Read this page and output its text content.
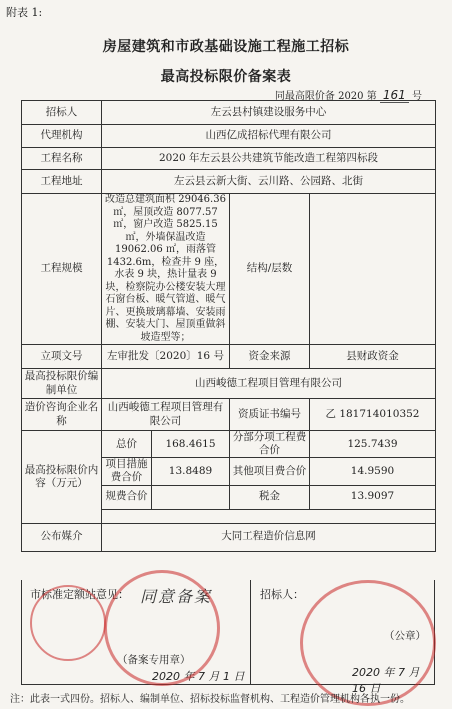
附表 1:
房屋建筑和市政基础设施工程施工招标
最高投标限价备案表
同最高限价备 2020 第 161 号
招标人	左云县村镇建设服务中心			
代理机构	山西亿成招标代理有限公司			
工程名称	2020 年左云县公共建筑节能改造工程第四标段			
工程地址	左云县云新大街、云川路、公园路、北街			
工程规模	改造总建筑面积 29046.36 ㎡，屋顶改造 8077.57 ㎡，窗户改造 5825.15 ㎡，外墙保温改造 19062.06 ㎡，雨落管 1432.6m，检查井 9 座，水表 9 块，热计量表 9 块，检察院办公楼安装大理石窗台板、暖气管道、暖气片、更换玻璃幕墙、安装雨棚、安装大门、屋顶重做斜坡造型等；		结构/层数	
立项文号	左审批发〔2020〕16 号		资金来源	县财政资金
最高投标限价编制单位	山西峻德工程项目管理有限公司			
造价咨询企业名称	山西峻德工程项目管理有限公司		资质证书编号	乙 181714010352
最高投标限价内容（万元）	总价	168.4615	分部分项工程费合价	125.7439
	项目措施费合价	13.8489	其他项目费合价	14.9590
	规费合价		税金	13.9097

公布媒介	大同工程造价信息网			
市标准定额站意见： 同意备案
（备案专用章）
2020 年 7 月 1 日
招标人：
（公章）
2020 年 7 月 16 日
注：此表一式四份。招标人、编制单位、招标投标监督机构、工程造价管理机构各执一份。
